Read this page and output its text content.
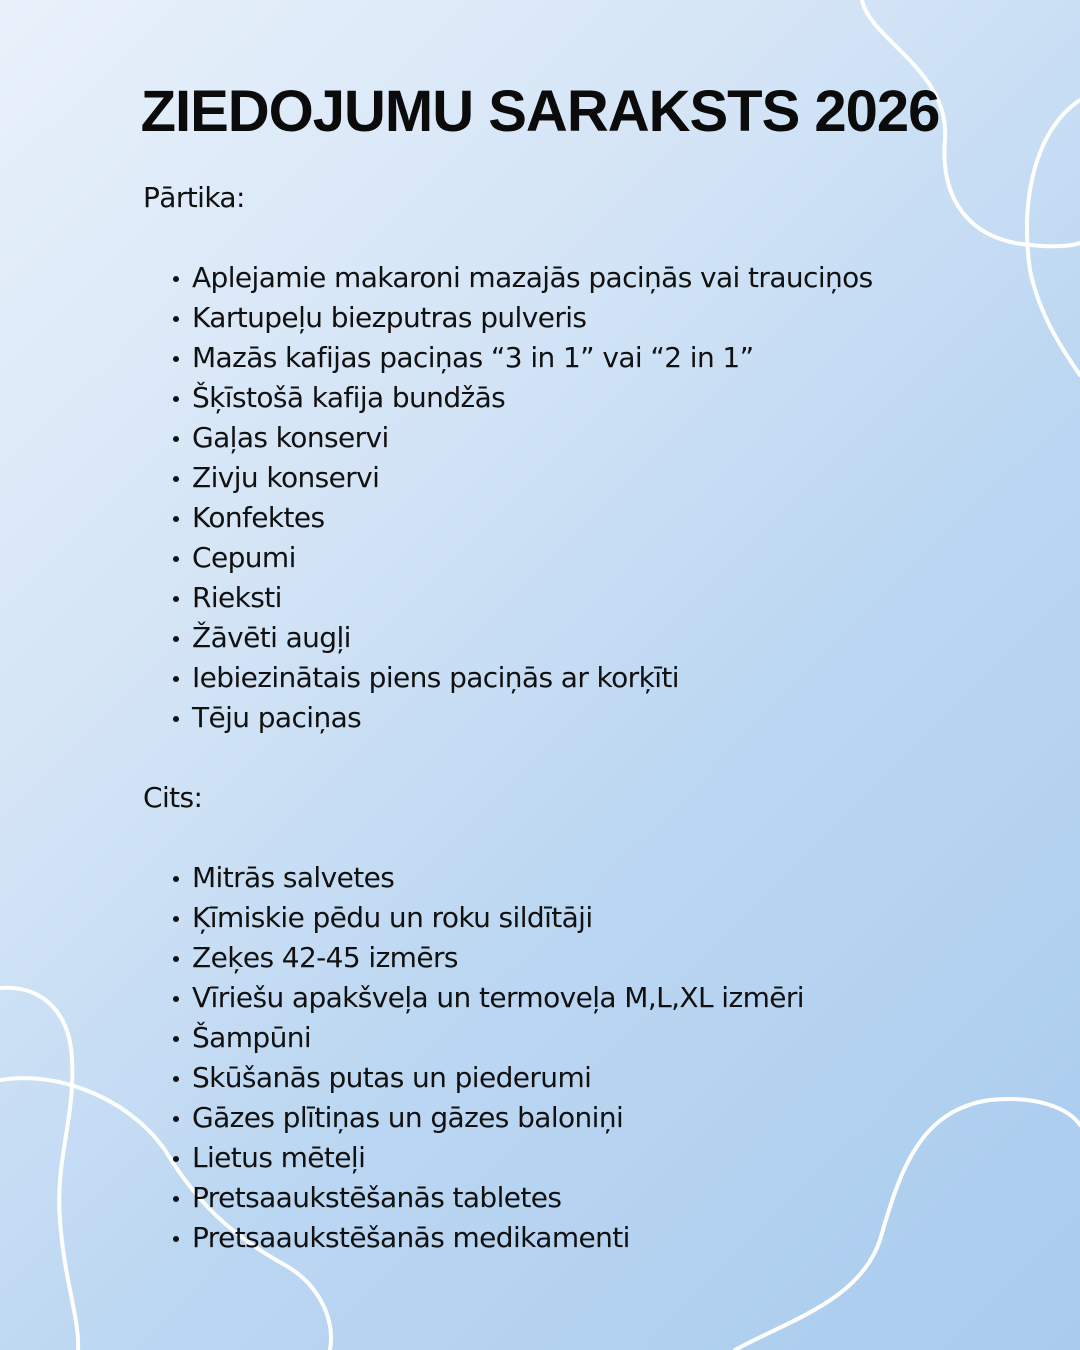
ZIEDOJUMU SARAKSTS 2026
Pārtika:
Aplejamie makaroni mazajās paciņās vai trauciņos
Kartupeļu biezputras pulveris
Mazās kafijas paciņas “3 in 1” vai “2 in 1”
Šķīstošā kafija bundžās
Gaļas konservi
Zivju konservi
Konfektes
Cepumi
Rieksti
Žāvēti augļi
Iebiezinātais piens paciņās ar korķīti
Tēju paciņas
Cits:
Mitrās salvetes
Ķīmiskie pēdu un roku sildītāji
Zeķes 42-45 izmērs
Vīriešu apakšveļa un termoveļa M,L,XL izmēri
Šampūni
Skūšanās putas un piederumi
Gāzes plītiņas un gāzes baloniņi
Lietus mēteļi
Pretsaaukstēšanās tabletes
Pretsaaukstēšanās medikamenti
